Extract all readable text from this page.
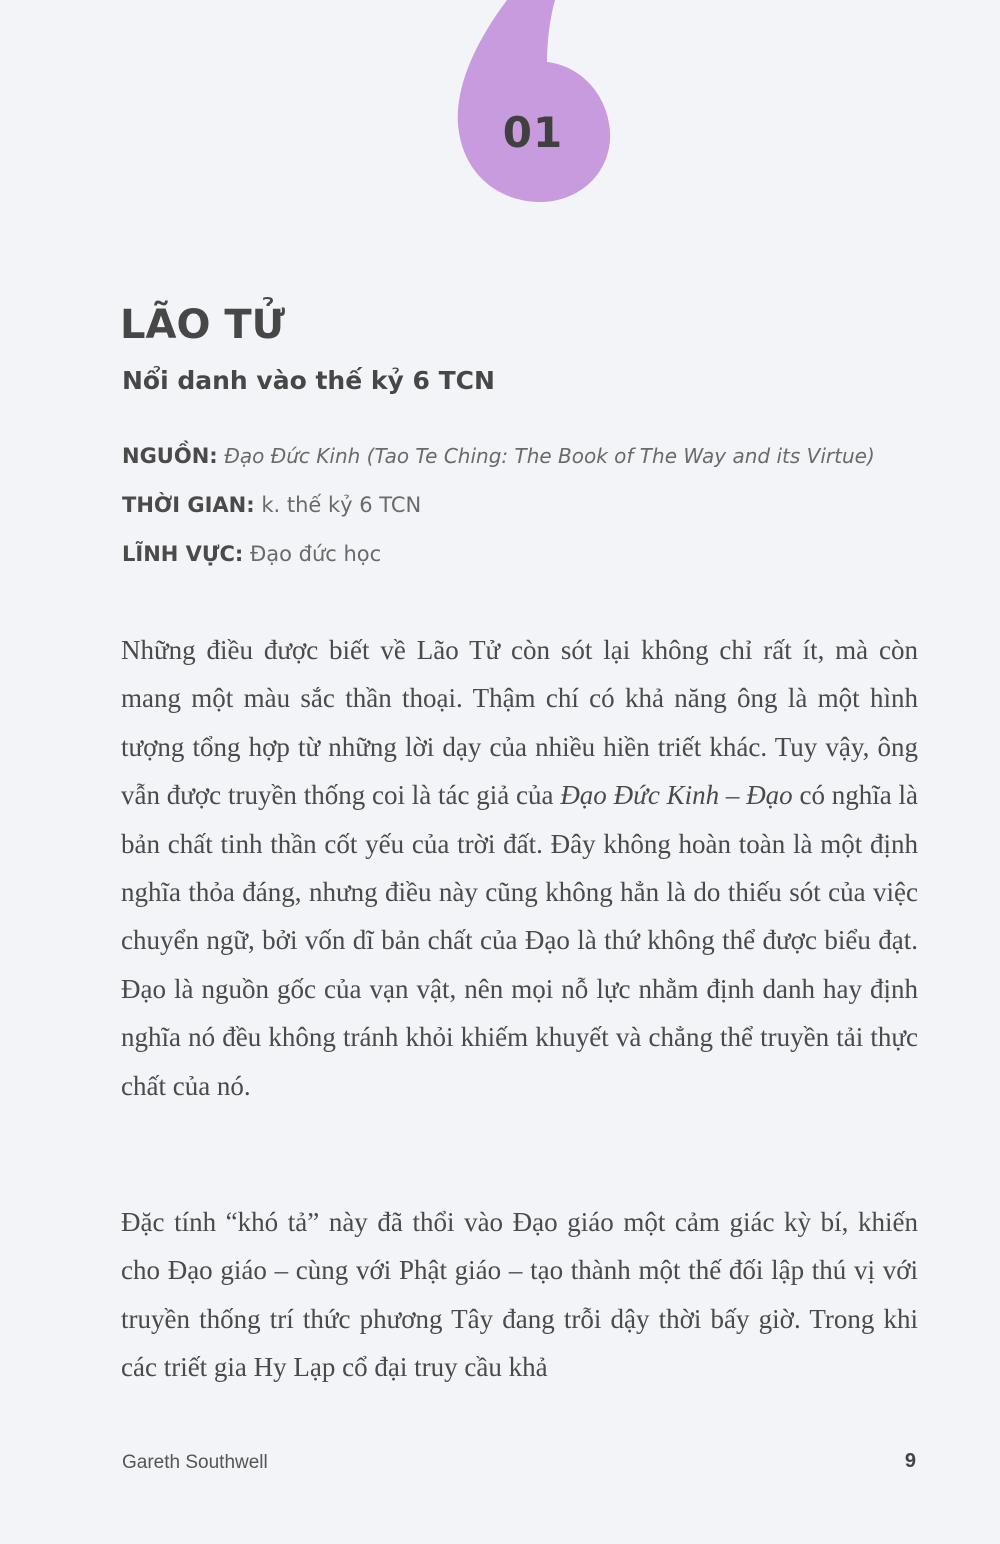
01
LÃO TỬ
Nổi danh vào thế kỷ 6 TCN
NGUỒN: Đạo Đức Kinh (Tao Te Ching: The Book of The Way and its Virtue)
THỜI GIAN: k. thế kỷ 6 TCN
LĨNH VỰC: Đạo đức học

Những điều được biết về Lão Tử còn sót lại không chỉ rất ít, mà còn mang một màu sắc thần thoại. Thậm chí có khả năng ông là một hình tượng tổng hợp từ những lời dạy của nhiều hiền triết khác. Tuy vậy, ông vẫn được truyền thống coi là tác giả của Đạo Đức Kinh – Đạo có nghĩa là bản chất tinh thần cốt yếu của trời đất. Đây không hoàn toàn là một định nghĩa thỏa đáng, nhưng điều này cũng không hẳn là do thiếu sót của việc chuyển ngữ, bởi vốn dĩ bản chất của Đạo là thứ không thể được biểu đạt. Đạo là nguồn gốc của vạn vật, nên mọi nỗ lực nhằm định danh hay định nghĩa nó đều không tránh khỏi khiếm khuyết và chẳng thể truyền tải thực chất của nó.

Đặc tính “khó tả” này đã thổi vào Đạo giáo một cảm giác kỳ bí, khiến cho Đạo giáo – cùng với Phật giáo – tạo thành một thế đối lập thú vị với truyền thống trí thức phương Tây đang trỗi dậy thời bấy giờ. Trong khi các triết gia Hy Lạp cổ đại truy cầu khả

Gareth Southwell	9
